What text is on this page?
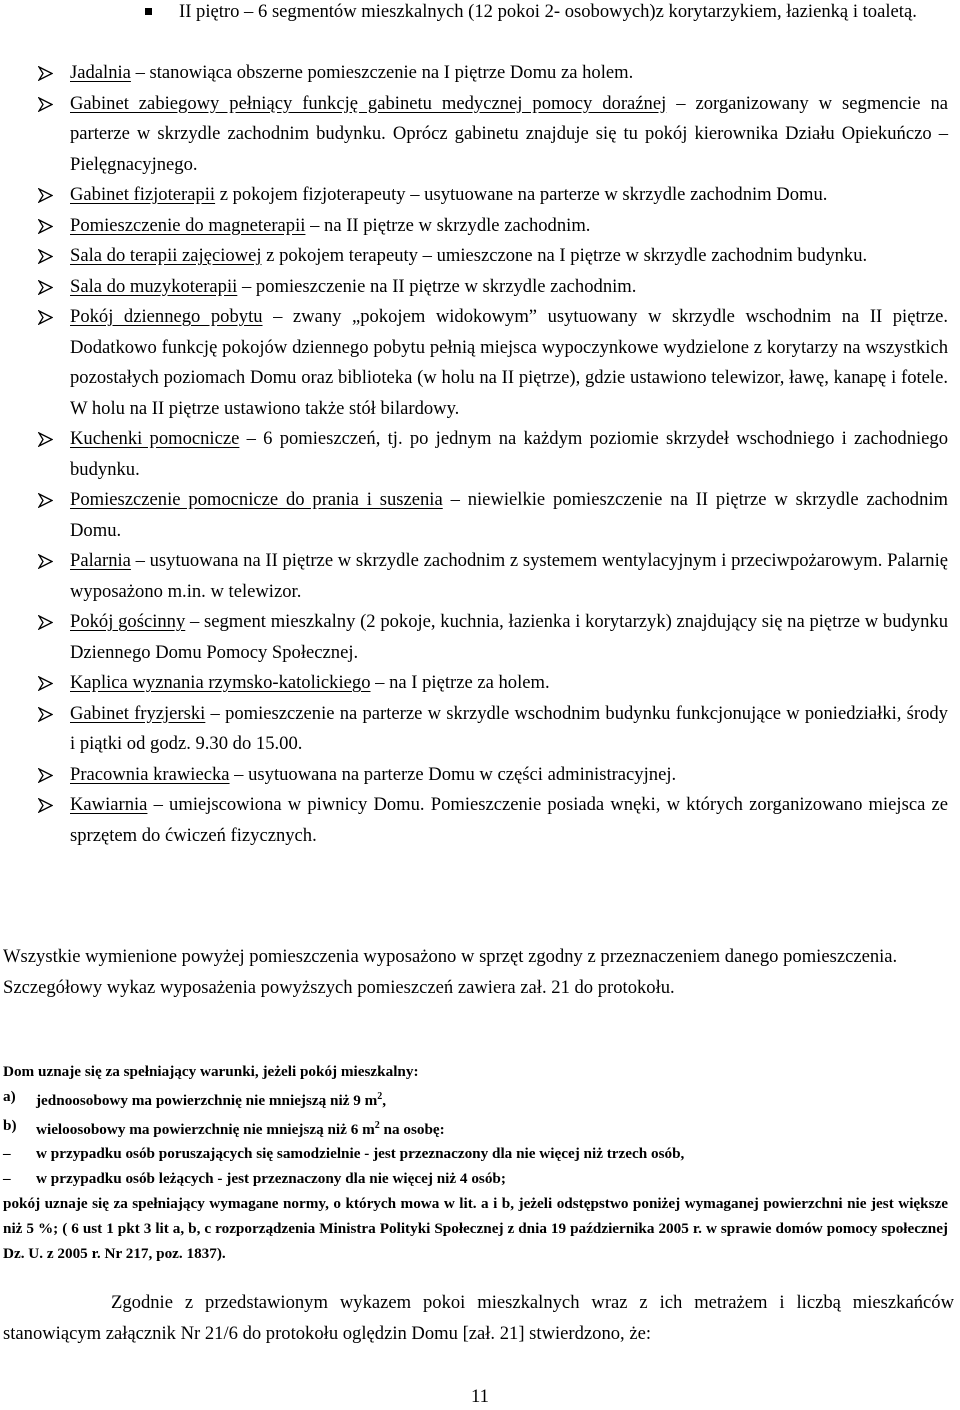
II piętro – 6 segmentów mieszkalnych (12 pokoi 2- osobowych)z korytarzykiem, łazienką i toaletą.
Jadalnia – stanowiąca obszerne pomieszczenie na I piętrze Domu za holem.
Gabinet zabiegowy pełniący funkcję gabinetu medycznej pomocy doraźnej – zorganizowany w segmencie na parterze w skrzydle zachodnim budynku. Oprócz gabinetu znajduje się tu pokój kierownika Działu Opiekuńczo – Pielęgnacyjnego.
Gabinet fizjoterapii z pokojem fizjoterapeuty – usytuowane na parterze w skrzydle zachodnim Domu.
Pomieszczenie do magneterapii – na II piętrze w skrzydle zachodnim.
Sala do terapii zajęciowej z pokojem terapeuty – umieszczone na I piętrze w skrzydle zachodnim budynku.
Sala do muzykoterapii – pomieszczenie na II piętrze w skrzydle zachodnim.
Pokój dziennego pobytu – zwany „pokojem widokowym” usytuowany w skrzydle wschodnim na II piętrze. Dodatkowo funkcję pokojów dziennego pobytu pełnią miejsca wypoczynkowe wydzielone z korytarzy na wszystkich pozostałych poziomach Domu oraz biblioteka (w holu na II piętrze), gdzie ustawiono telewizor, ławę, kanapę i fotele. W holu na II piętrze ustawiono także stół bilardowy.
Kuchenki pomocnicze – 6 pomieszczeń, tj. po jednym na każdym poziomie skrzydeł wschodniego i zachodniego budynku.
Pomieszczenie pomocnicze do prania i suszenia – niewielkie pomieszczenie na II piętrze w skrzydle zachodnim Domu.
Palarnia – usytuowana na II piętrze w skrzydle zachodnim z systemem wentylacyjnym i przeciwpożarowym. Palarnię wyposażono m.in. w telewizor.
Pokój gościnny – segment mieszkalny (2 pokoje, kuchnia, łazienka i korytarzyk) znajdujący się na piętrze w budynku Dziennego Domu Pomocy Społecznej.
Kaplica wyznania rzymsko-katolickiego – na I piętrze za holem.
Gabinet fryzjerski – pomieszczenie na parterze w skrzydle wschodnim budynku funkcjonujące w poniedziałki, środy i piątki od godz. 9.30 do 15.00.
Pracownia krawiecka – usytuowana na parterze Domu w części administracyjnej.
Kawiarnia – umiejscowiona w piwnicy Domu. Pomieszczenie posiada wnęki, w których zorganizowano miejsca ze sprzętem do ćwiczeń fizycznych.
Wszystkie wymienione powyżej pomieszczenia wyposażono w sprzęt zgodny z przeznaczeniem danego pomieszczenia.
Szczegółowy wykaz wyposażenia powyższych pomieszczeń zawiera zał. 21 do protokołu.
Dom uznaje się za spełniający warunki, jeżeli pokój mieszkalny:
a) jednoosobowy ma powierzchnię nie mniejszą niż 9 $m^2$,
b) wieloosobowy ma powierzchnię nie mniejszą niż 6 $m^2$ na osobę:
– w przypadku osób poruszających się samodzielnie - jest przeznaczony dla nie więcej niż trzech osób,
– w przypadku osób leżących - jest przeznaczony dla nie więcej niż 4 osób;
pokój uznaje się za spełniający wymagane normy, o których mowa w lit. a i b, jeżeli odstępstwo poniżej wymaganej powierzchni nie jest większe niż 5 %; ( 6 ust 1 pkt 3 lit a, b, c rozporządzenia Ministra Polityki Społecznej z dnia 19 października 2005 r. w sprawie domów pomocy społecznej Dz. U. z 2005 r. Nr 217, poz. 1837).
Zgodnie z przedstawionym wykazem pokoi mieszkalnych wraz z ich metrażem i liczbą mieszkańców stanowiącym załącznik Nr 21/6 do protokołu oględzin Domu [zał. 21] stwierdzono, że:
11
